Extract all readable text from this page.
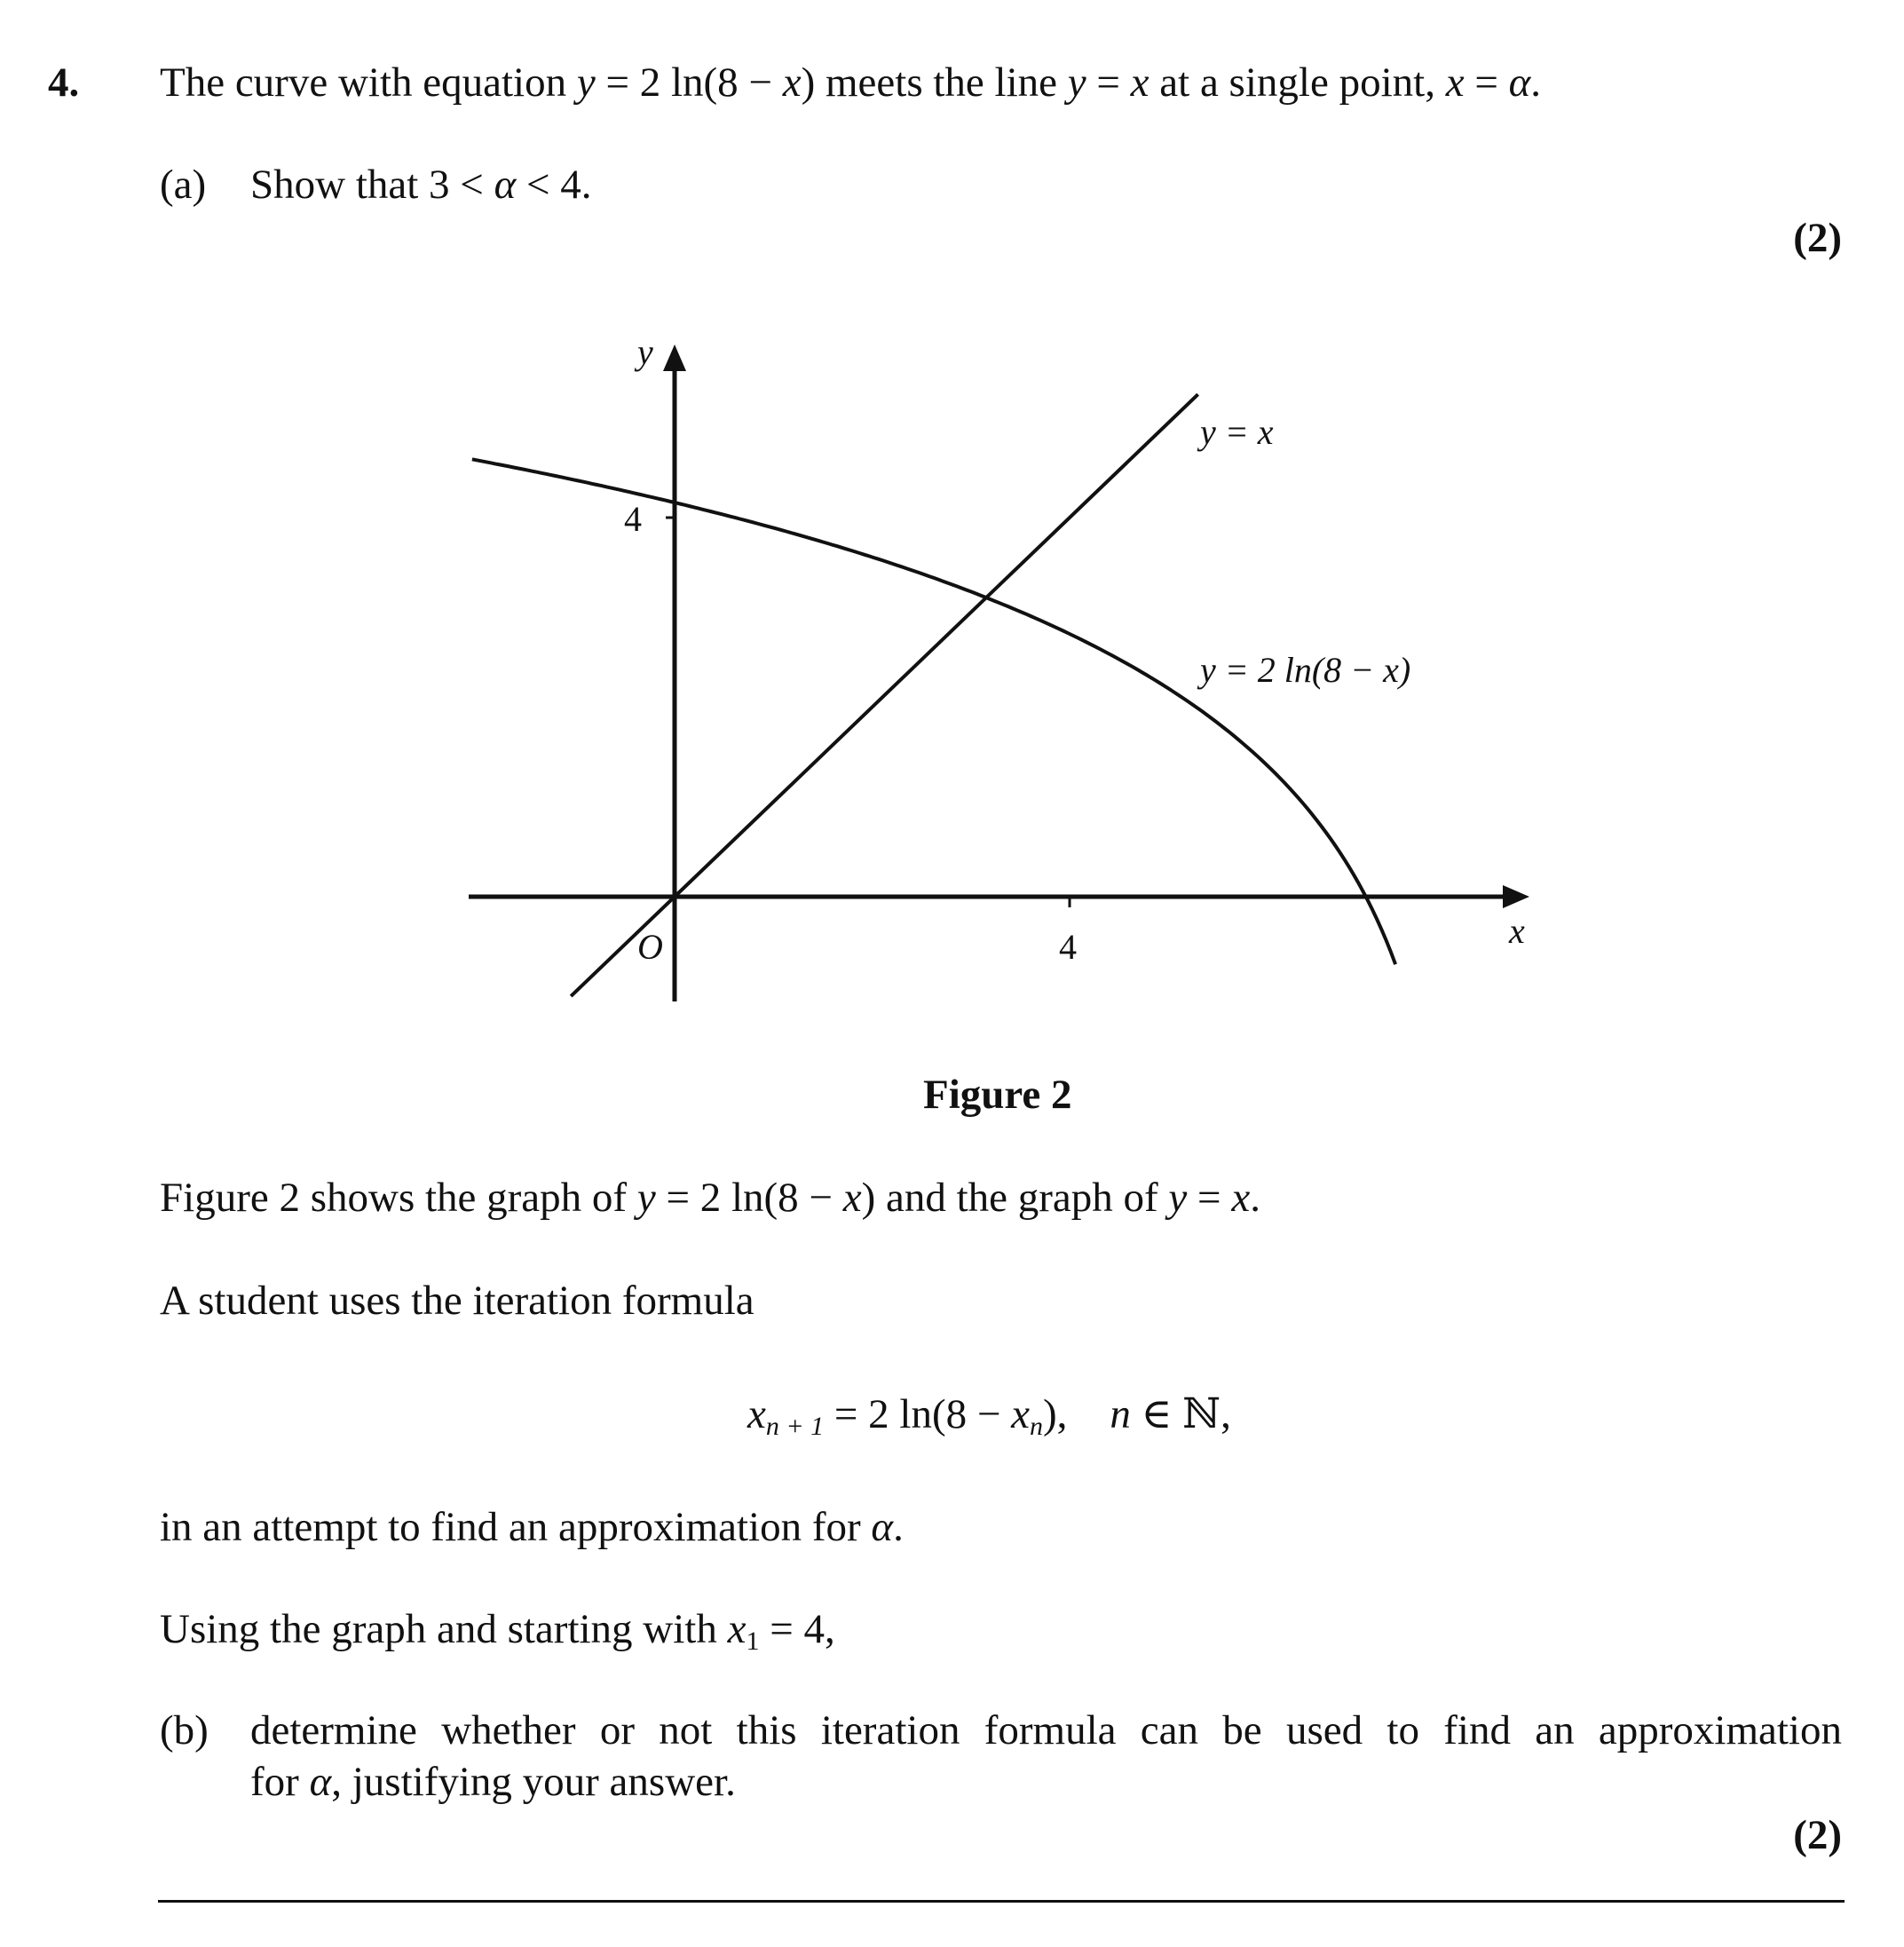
4. The curve with equation y = 2 ln(8 − x) meets the line y = x at a single point, x = α.
(a) Show that 3 < α < 4.
(2)
y
x
O
4
4
y = x
y = 2 ln(8 − x)
Figure 2
Figure 2 shows the graph of y = 2 ln(8 − x) and the graph of y = x.
A student uses the iteration formula
$x_{n + 1} = 2$ $\ln(8 - x_n)$, n ∈ ℕ,
in an attempt to find an approximation for α.
Using the graph and starting with $x_1 = 4$,
(b) determine whether or not this iteration formula can be used to find an approximation
for α, justifying your answer.
(2)
